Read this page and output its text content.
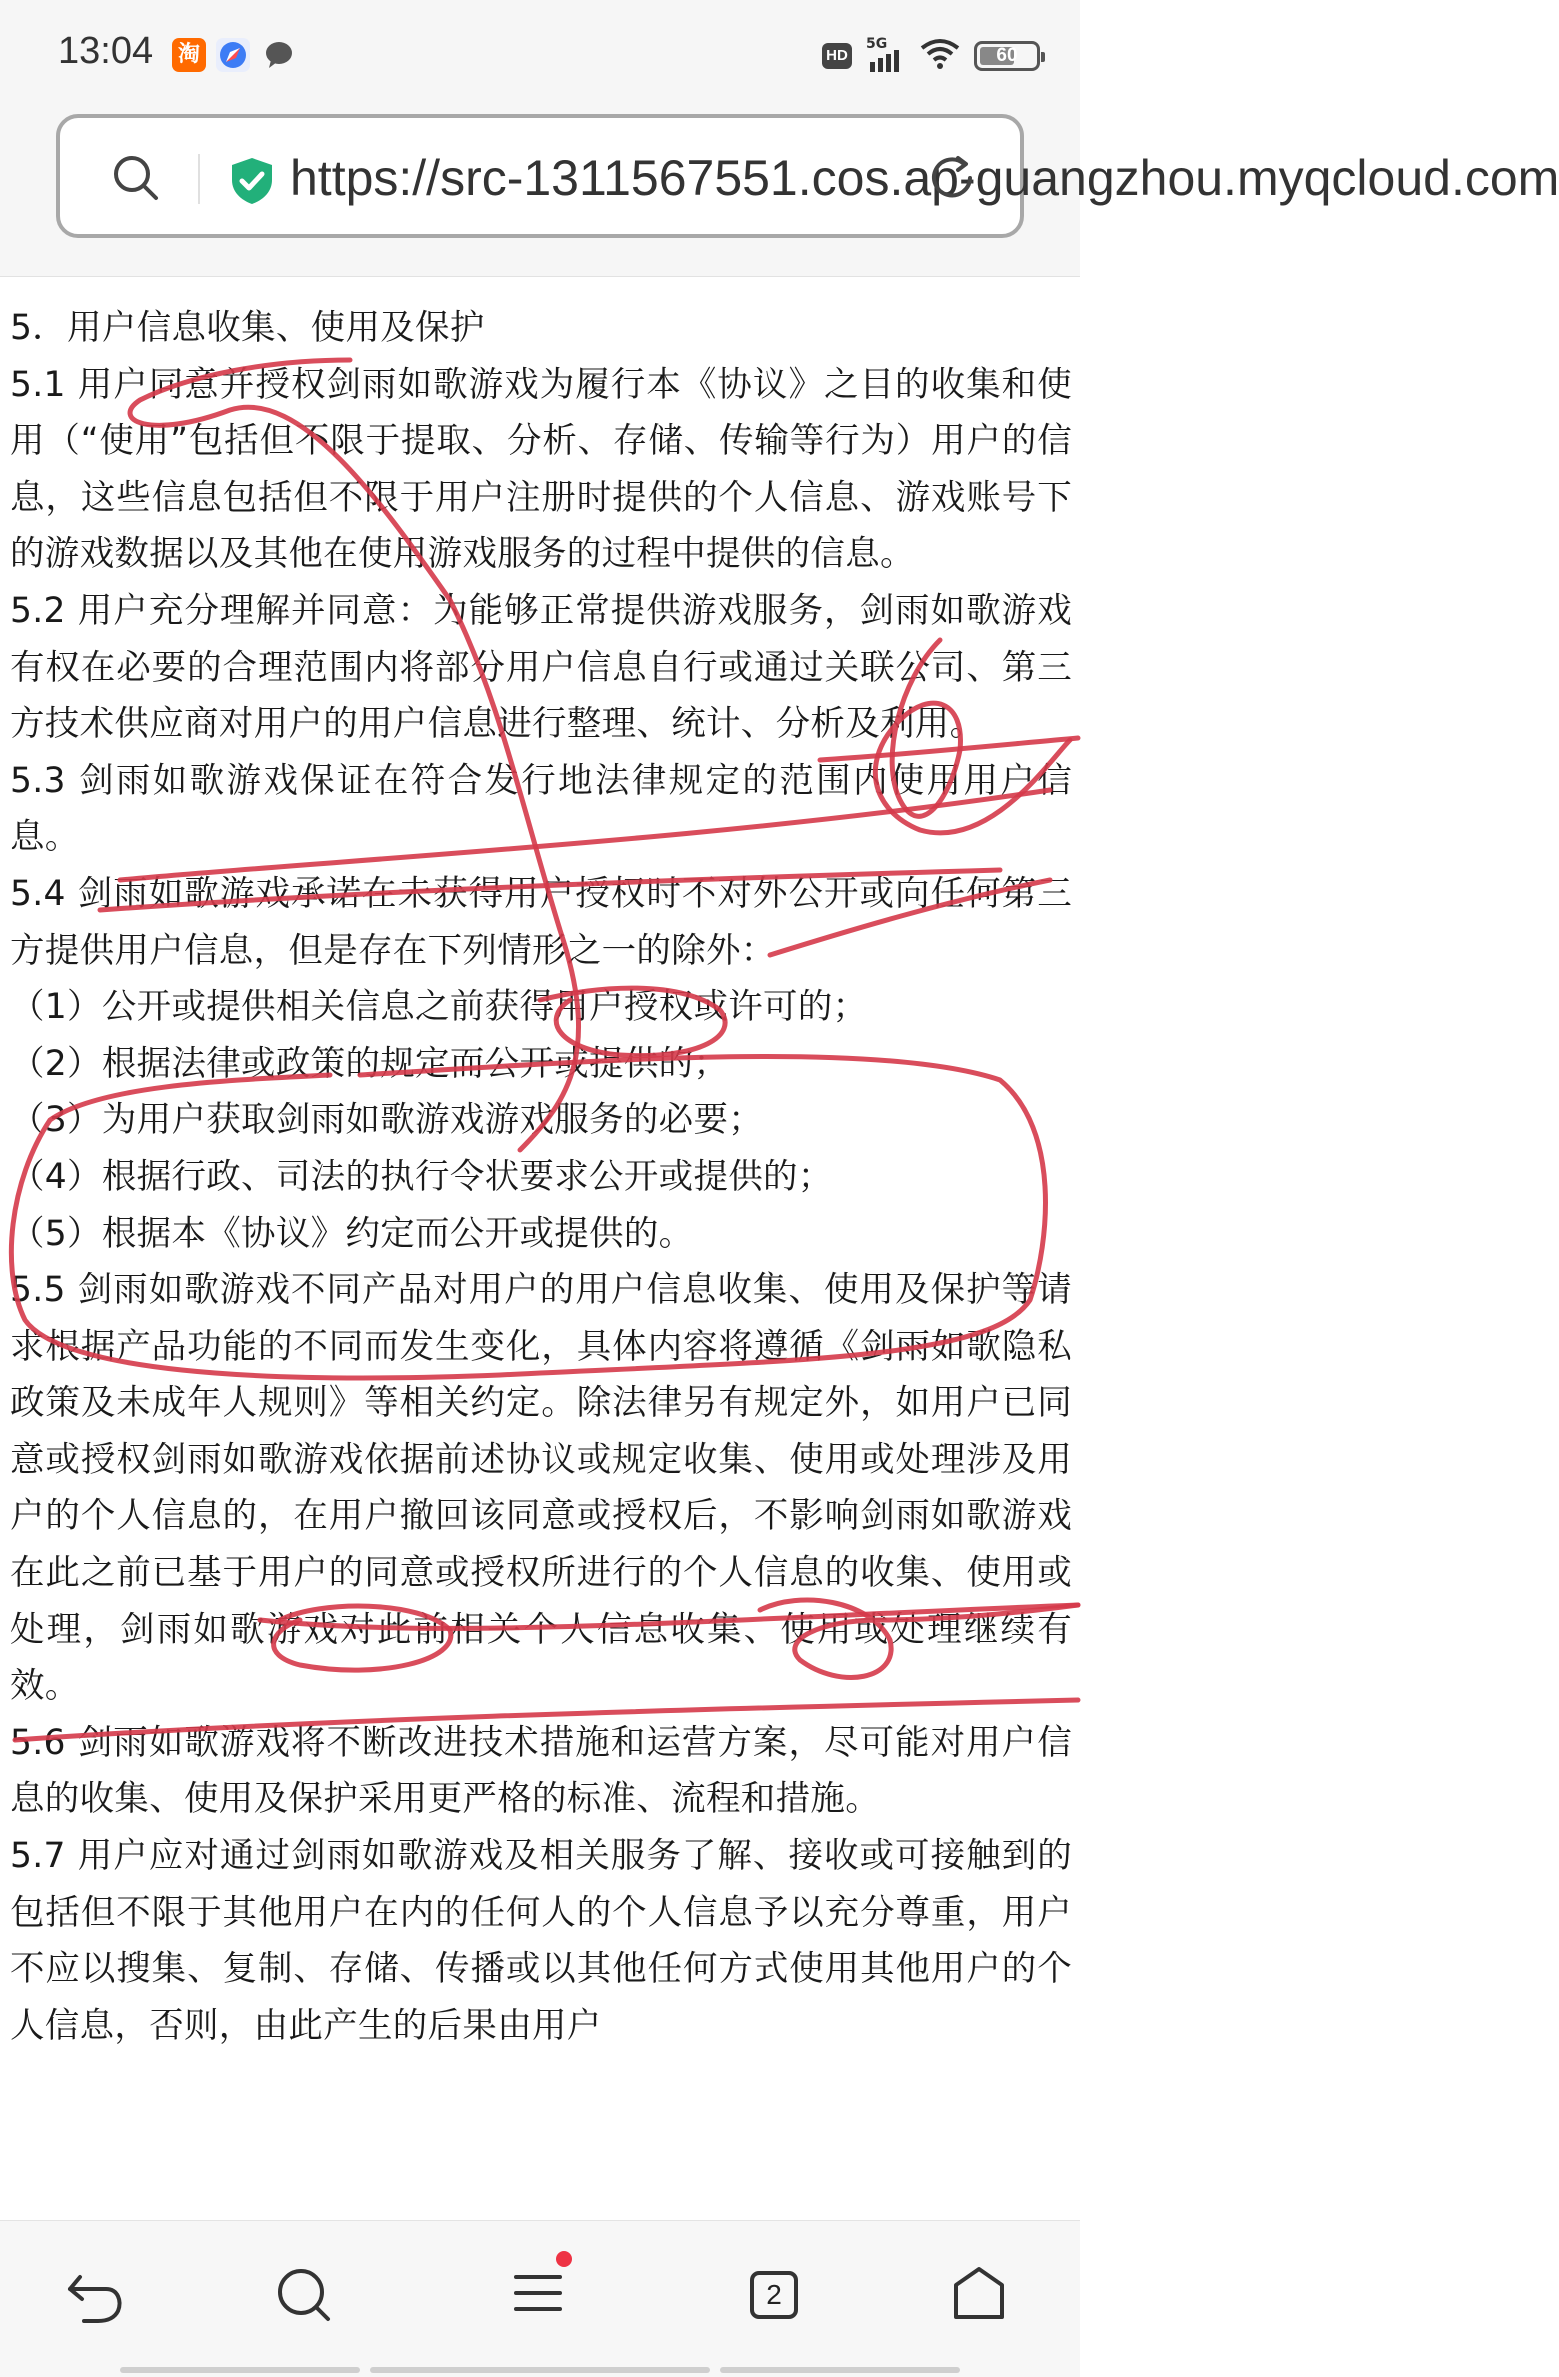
13:04 淘	HD
5G
60
https://src-1311567551.cos.ap-guangzhou.myqcloud.com

5．用户信息收集、使用及保护

5.1 用户同意并授权剑雨如歌游戏为履行本《协议》之目的收集和使用（“使用”包括但不限于提取、分析、存储、传输等行为）用户的信息，这些信息包括但不限于用户注册时提供的个人信息、游戏账号下的游戏数据以及其他在使用游戏服务的过程中提供的信息。

5.2 用户充分理解并同意：为能够正常提供游戏服务，剑雨如歌游戏有权在必要的合理范围内将部分用户信息自行或通过关联公司、第三方技术供应商对用户的用户信息进行整理、统计、分析及利用。

5.3 剑雨如歌游戏保证在符合发行地法律规定的范围内使用用户信息。

5.4 剑雨如歌游戏承诺在未获得用户授权时不对外公开或向任何第三方提供用户信息，但是存在下列情形之一的除外：

（1）公开或提供相关信息之前获得用户授权或许可的；

（2）根据法律或政策的规定而公开或提供的；

（3）为用户获取剑雨如歌游戏游戏服务的必要；

（4）根据行政、司法的执行令状要求公开或提供的；

（5）根据本《协议》约定而公开或提供的。

5.5 剑雨如歌游戏不同产品对用户的用户信息收集、使用及保护等请求根据产品功能的不同而发生变化，具体内容将遵循《剑雨如歌隐私政策及未成年人规则》等相关约定。除法律另有规定外，如用户已同意或授权剑雨如歌游戏依据前述协议或规定收集、使用或处理涉及用户的个人信息的，在用户撤回该同意或授权后，不影响剑雨如歌游戏在此之前已基于用户的同意或授权所进行的个人信息的收集、使用或处理，剑雨如歌游戏对此前相关个人信息收集、使用或处理继续有效。

5.6 剑雨如歌游戏将不断改进技术措施和运营方案，尽可能对用户信息的收集、使用及保护采用更严格的标准、流程和措施。

5.7 用户应对通过剑雨如歌游戏及相关服务了解、接收或可接触到的包括但不限于其他用户在内的任何人的个人信息予以充分尊重，用户不应以搜集、复制、存储、传播或以其他任何方式使用其他用户的个人信息，否则，由此产生的后果由用户

2
